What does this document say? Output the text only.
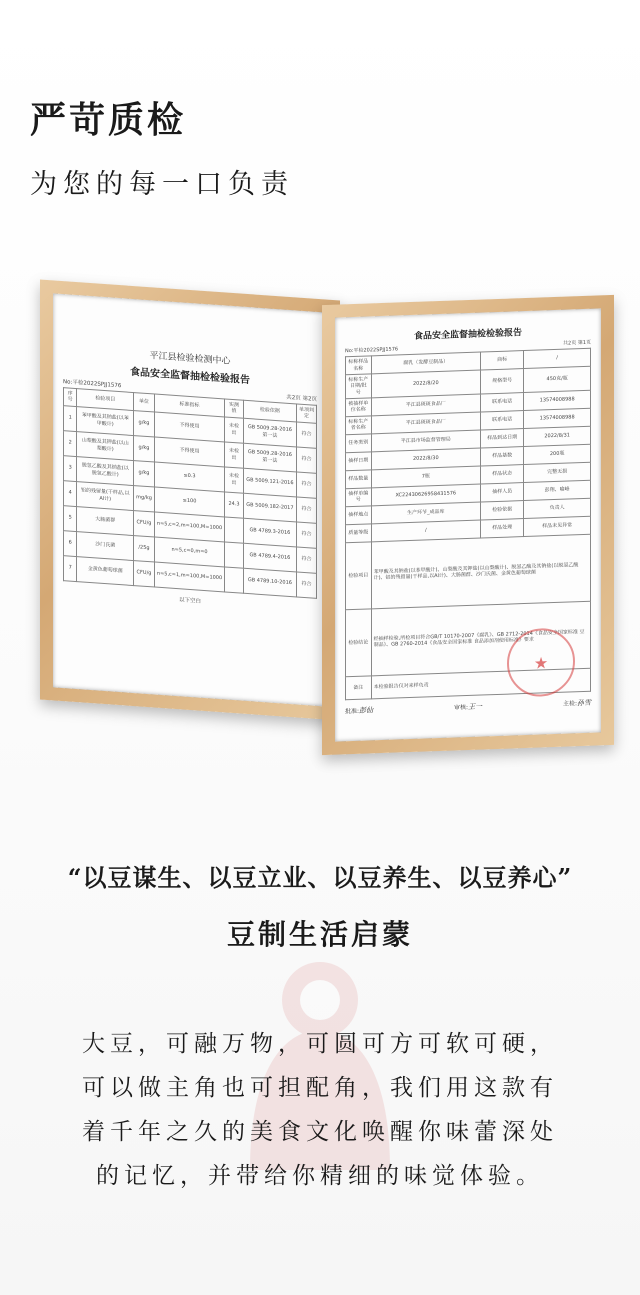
严苛质检
为您的每一口负责
平江县检验检测中心
食品安全监督抽检检验报告
No:平检2022SPJJ1576
共2页 第2页
序号	检验项目	单位	标准指标	实测值	检验依据	单项判定
1	苯甲酸及其钠盐(以苯甲酸计)	g/kg	不得使用	未检出	GB 5009.28-2016第一法	符合
2	山梨酸及其钾盐(以山梨酸计)	g/kg	不得使用	未检出	GB 5009.28-2016第一法	符合
3	脱氢乙酸及其钠盐(以脱氢乙酸计)	g/kg	≤0.3	未检出	GB 5009.121-2016	符合
4	铝的残留量(干样品,以Al计)	mg/kg	≤100	24.3	GB 5009.182-2017	符合
5	大肠菌群	CFU/g	n=5,c=2,m=100,M=1000		GB 4789.3-2016	符合
6	沙门氏菌	/25g	n=5,c=0,m=0		GB 4789.4-2016	符合
7	金黄色葡萄球菌	CFU/g	n=5,c=1,m=100,M=1000		GB 4789.10-2016	符合
以下空白
食品安全监督抽检检验报告
No:平检2022SPJJ1576
共2页 第1页
标称样品名称	腐乳（发酵豆制品）	商标	/
标称生产日期/批号	2022/8/20	规格型号	450克/瓶
被抽样单位名称	平江县斑斑食品厂	联系电话	13574008988
标称生产者名称	平江县斑斑食品厂	联系电话	13574008988
任务类别	平江县市场监督管理局	样品到达日期	2022/8/31
抽样日期	2022/8/30	样品基数	200瓶
样品数量	7瓶	样品状态	完整无损
抽样单编号	XC22430626958431576	抽样人员	彭翔、喻峰
抽样地点	生产环节_成品库	检验依据	负责人
质量等级	/	样品处理	样品未见异常
检验项目	苯甲酸及其钠盐(以苯甲酸计)、山梨酸及其钾盐(以山梨酸计)、脱氢乙酸及其钠盐(以脱氢乙酸计)、铝的残留量(干样品,以Al计)、大肠菌群、沙门氏菌、金黄色葡萄球菌		
检验结论	经抽样检验,所检项目符合GB/T 10170-2007《腐乳》、GB 2712-2014《食品安全国家标准 豆制品》、GB 2760-2014《食品安全国家标准 食品添加剂使用标准》要求		
备注	本检验报告仅对来样负责		
批准:彭仙	审核:王一	主检:孙雪
★
“以豆谋生、以豆立业、以豆养生、以豆养心”
豆制生活启蒙
大豆，可融万物，可圆可方可软可硬，
可以做主角也可担配角，我们用这款有
着千年之久的美食文化唤醒你味蕾深处
的记忆，并带给你精细的味觉体验。
